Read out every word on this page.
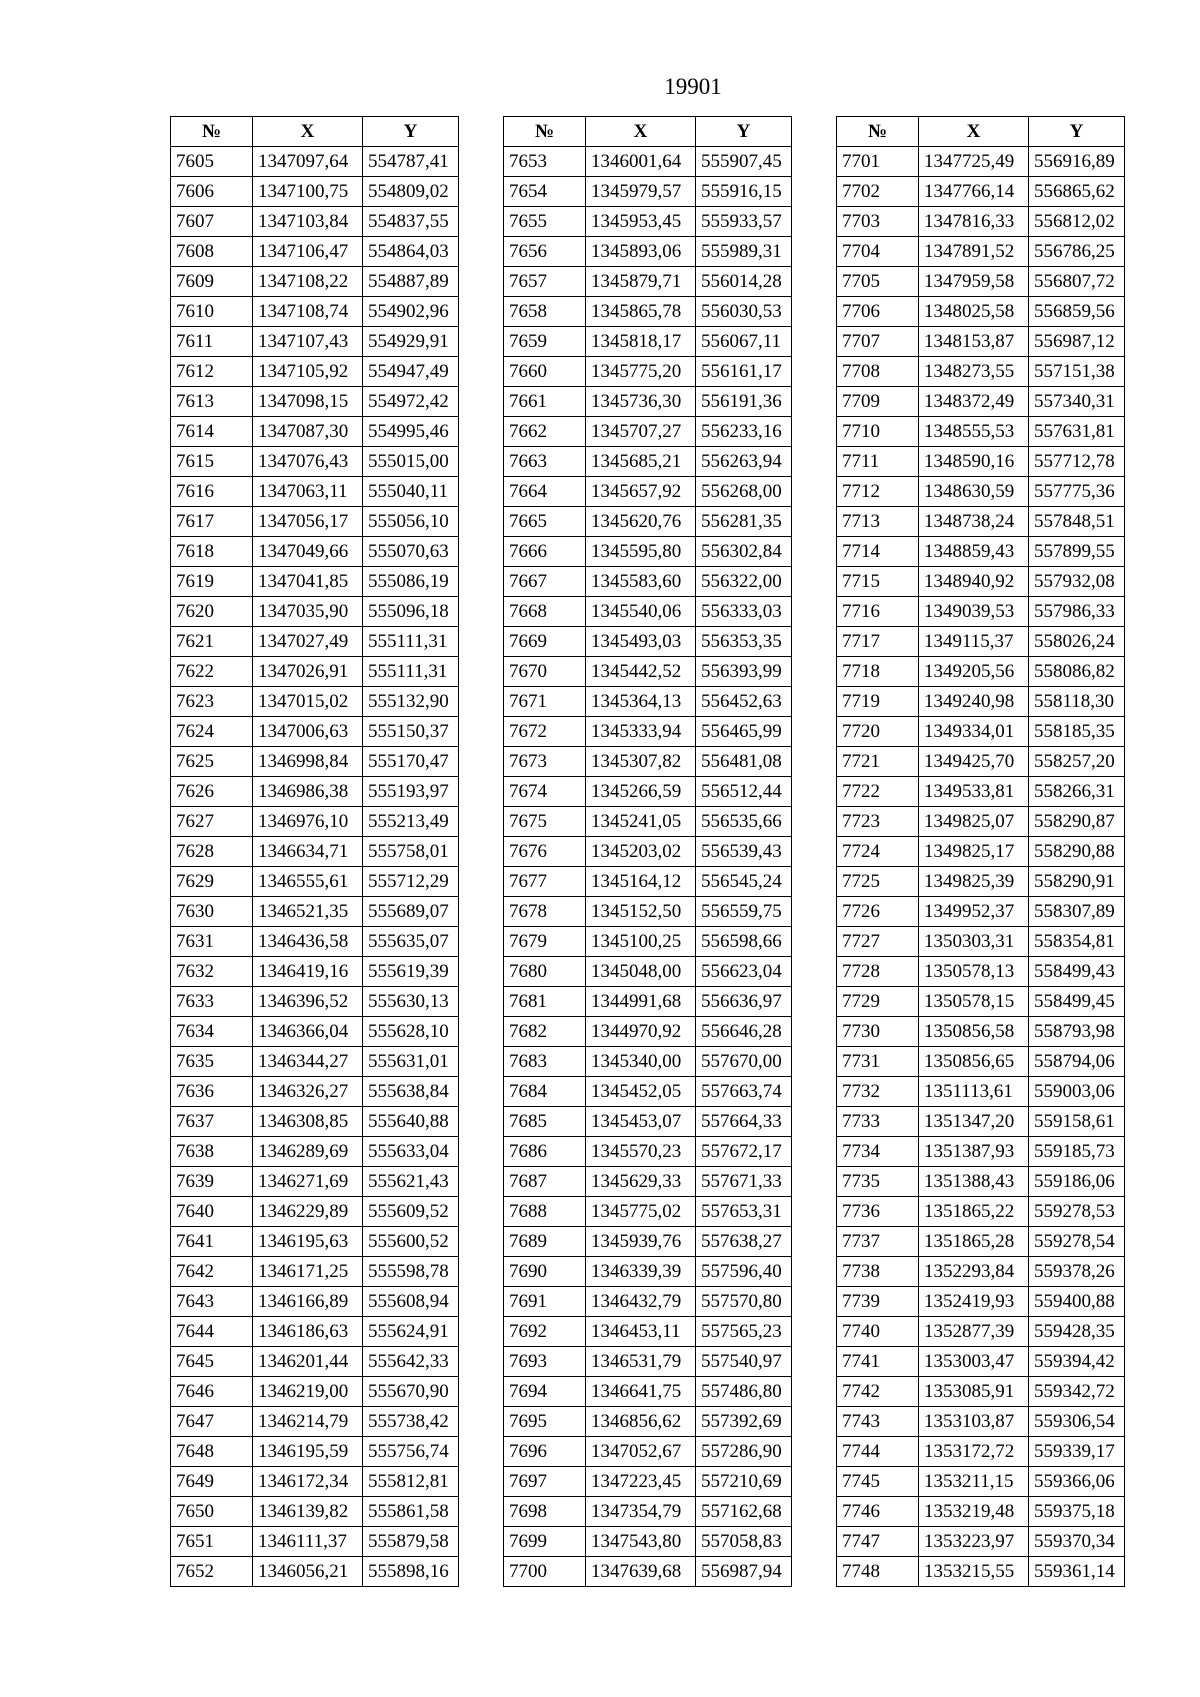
19901
№	X	Y
7605	1347097,64	554787,41
7606	1347100,75	554809,02
7607	1347103,84	554837,55
7608	1347106,47	554864,03
7609	1347108,22	554887,89
7610	1347108,74	554902,96
7611	1347107,43	554929,91
7612	1347105,92	554947,49
7613	1347098,15	554972,42
7614	1347087,30	554995,46
7615	1347076,43	555015,00
7616	1347063,11	555040,11
7617	1347056,17	555056,10
7618	1347049,66	555070,63
7619	1347041,85	555086,19
7620	1347035,90	555096,18
7621	1347027,49	555111,31
7622	1347026,91	555111,31
7623	1347015,02	555132,90
7624	1347006,63	555150,37
7625	1346998,84	555170,47
7626	1346986,38	555193,97
7627	1346976,10	555213,49
7628	1346634,71	555758,01
7629	1346555,61	555712,29
7630	1346521,35	555689,07
7631	1346436,58	555635,07
7632	1346419,16	555619,39
7633	1346396,52	555630,13
7634	1346366,04	555628,10
7635	1346344,27	555631,01
7636	1346326,27	555638,84
7637	1346308,85	555640,88
7638	1346289,69	555633,04
7639	1346271,69	555621,43
7640	1346229,89	555609,52
7641	1346195,63	555600,52
7642	1346171,25	555598,78
7643	1346166,89	555608,94
7644	1346186,63	555624,91
7645	1346201,44	555642,33
7646	1346219,00	555670,90
7647	1346214,79	555738,42
7648	1346195,59	555756,74
7649	1346172,34	555812,81
7650	1346139,82	555861,58
7651	1346111,37	555879,58
7652	1346056,21	555898,16
№	X	Y
7653	1346001,64	555907,45
7654	1345979,57	555916,15
7655	1345953,45	555933,57
7656	1345893,06	555989,31
7657	1345879,71	556014,28
7658	1345865,78	556030,53
7659	1345818,17	556067,11
7660	1345775,20	556161,17
7661	1345736,30	556191,36
7662	1345707,27	556233,16
7663	1345685,21	556263,94
7664	1345657,92	556268,00
7665	1345620,76	556281,35
7666	1345595,80	556302,84
7667	1345583,60	556322,00
7668	1345540,06	556333,03
7669	1345493,03	556353,35
7670	1345442,52	556393,99
7671	1345364,13	556452,63
7672	1345333,94	556465,99
7673	1345307,82	556481,08
7674	1345266,59	556512,44
7675	1345241,05	556535,66
7676	1345203,02	556539,43
7677	1345164,12	556545,24
7678	1345152,50	556559,75
7679	1345100,25	556598,66
7680	1345048,00	556623,04
7681	1344991,68	556636,97
7682	1344970,92	556646,28
7683	1345340,00	557670,00
7684	1345452,05	557663,74
7685	1345453,07	557664,33
7686	1345570,23	557672,17
7687	1345629,33	557671,33
7688	1345775,02	557653,31
7689	1345939,76	557638,27
7690	1346339,39	557596,40
7691	1346432,79	557570,80
7692	1346453,11	557565,23
7693	1346531,79	557540,97
7694	1346641,75	557486,80
7695	1346856,62	557392,69
7696	1347052,67	557286,90
7697	1347223,45	557210,69
7698	1347354,79	557162,68
7699	1347543,80	557058,83
7700	1347639,68	556987,94
№	X	Y
7701	1347725,49	556916,89
7702	1347766,14	556865,62
7703	1347816,33	556812,02
7704	1347891,52	556786,25
7705	1347959,58	556807,72
7706	1348025,58	556859,56
7707	1348153,87	556987,12
7708	1348273,55	557151,38
7709	1348372,49	557340,31
7710	1348555,53	557631,81
7711	1348590,16	557712,78
7712	1348630,59	557775,36
7713	1348738,24	557848,51
7714	1348859,43	557899,55
7715	1348940,92	557932,08
7716	1349039,53	557986,33
7717	1349115,37	558026,24
7718	1349205,56	558086,82
7719	1349240,98	558118,30
7720	1349334,01	558185,35
7721	1349425,70	558257,20
7722	1349533,81	558266,31
7723	1349825,07	558290,87
7724	1349825,17	558290,88
7725	1349825,39	558290,91
7726	1349952,37	558307,89
7727	1350303,31	558354,81
7728	1350578,13	558499,43
7729	1350578,15	558499,45
7730	1350856,58	558793,98
7731	1350856,65	558794,06
7732	1351113,61	559003,06
7733	1351347,20	559158,61
7734	1351387,93	559185,73
7735	1351388,43	559186,06
7736	1351865,22	559278,53
7737	1351865,28	559278,54
7738	1352293,84	559378,26
7739	1352419,93	559400,88
7740	1352877,39	559428,35
7741	1353003,47	559394,42
7742	1353085,91	559342,72
7743	1353103,87	559306,54
7744	1353172,72	559339,17
7745	1353211,15	559366,06
7746	1353219,48	559375,18
7747	1353223,97	559370,34
7748	1353215,55	559361,14
